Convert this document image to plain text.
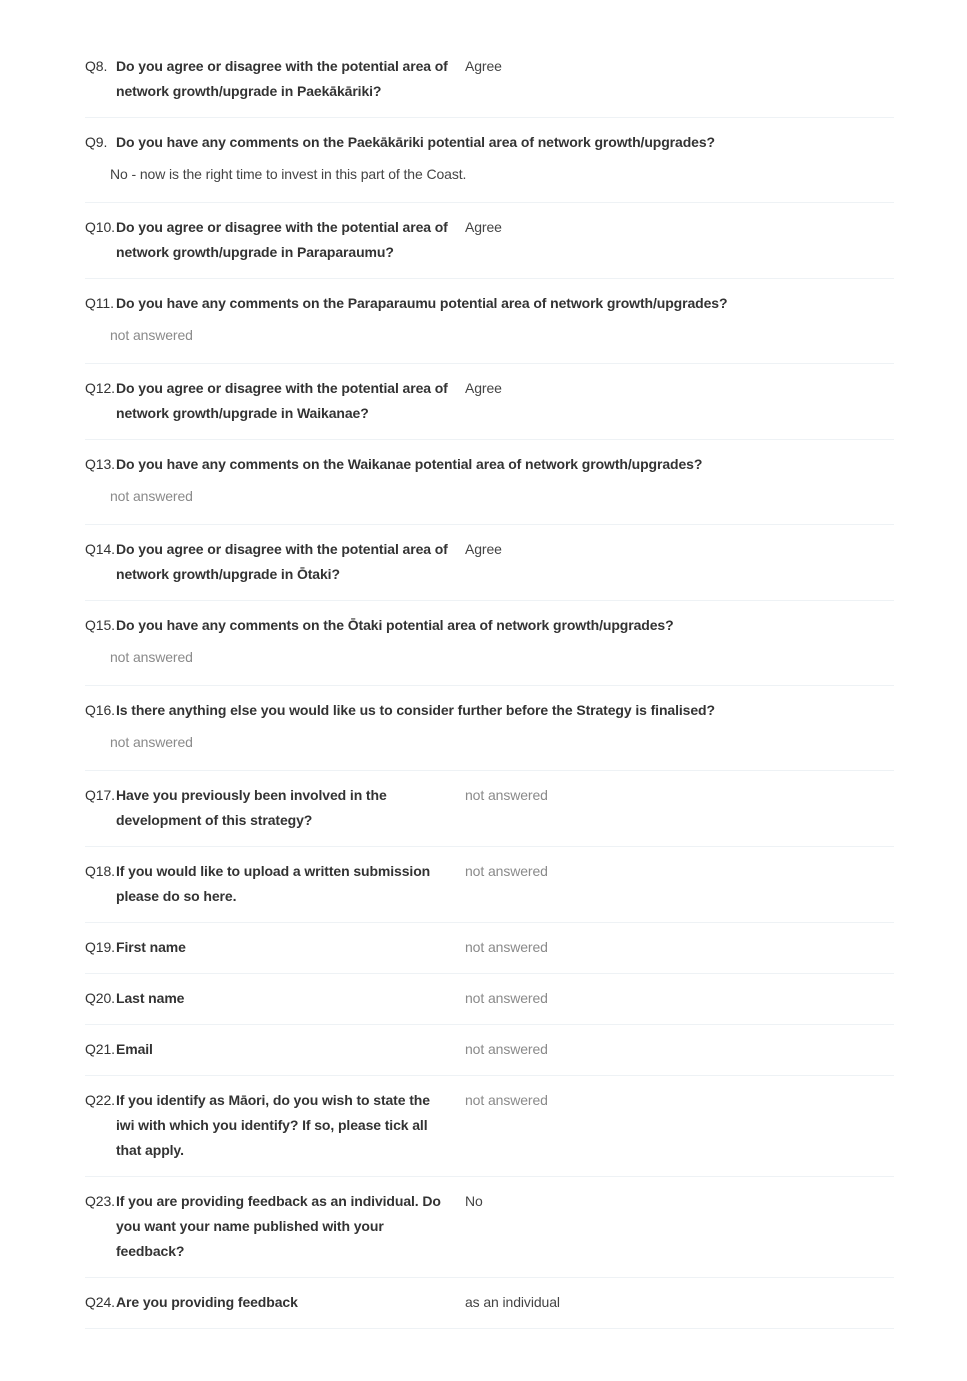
Q8. Do you agree or disagree with the potential area of network growth/upgrade in Paekākāriki?
Agree
Q9. Do you have any comments on the Paekākāriki potential area of network growth/upgrades?
No - now is the right time to invest in this part of the Coast.
Q10. Do you agree or disagree with the potential area of network growth/upgrade in Paraparaumu?
Agree
Q11. Do you have any comments on the Paraparaumu potential area of network growth/upgrades?
not answered
Q12. Do you agree or disagree with the potential area of network growth/upgrade in Waikanae?
Agree
Q13. Do you have any comments on the Waikanae potential area of network growth/upgrades?
not answered
Q14. Do you agree or disagree with the potential area of network growth/upgrade in Ōtaki?
Agree
Q15. Do you have any comments on the Ōtaki potential area of network growth/upgrades?
not answered
Q16. Is there anything else you would like us to consider further before the Strategy is finalised?
not answered
Q17. Have you previously been involved in the development of this strategy?
not answered
Q18. If you would like to upload a written submission please do so here.
not answered
Q19. First name	not answered
Q20. Last name	not answered
Q21. Email	not answered
Q22. If you identify as Māori, do you wish to state the iwi with which you identify? If so, please tick all that apply.
not answered
Q23. If you are providing feedback as an individual. Do you want your name published with your feedback?
No
Q24. Are you providing feedback	as an individual
